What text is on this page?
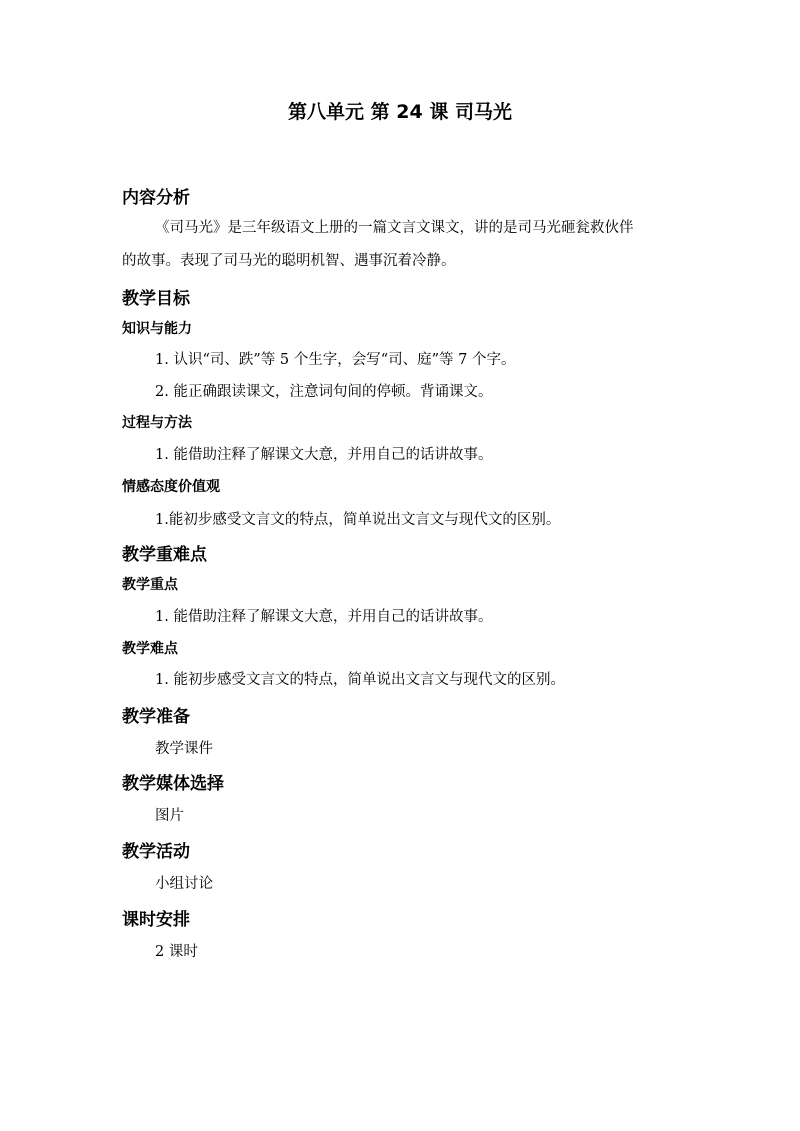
第八单元 第 24 课 司马光
内容分析
《司马光》是三年级语文上册的一篇文言文课文，讲的是司马光砸瓮救伙伴
的故事。表现了司马光的聪明机智、遇事沉着冷静。
教学目标
知识与能力
1. 认识“司、跌”等 5 个生字，会写“司、庭”等 7 个字。
2. 能正确跟读课文，注意词句间的停顿。背诵课文。
过程与方法
1. 能借助注释了解课文大意，并用自己的话讲故事。
情感态度价值观
1.能初步感受文言文的特点，简单说出文言文与现代文的区别。
教学重难点
教学重点
1. 能借助注释了解课文大意，并用自己的话讲故事。
教学难点
1. 能初步感受文言文的特点，简单说出文言文与现代文的区别。
教学准备
教学课件
教学媒体选择
图片
教学活动
小组讨论
课时安排
2 课时
